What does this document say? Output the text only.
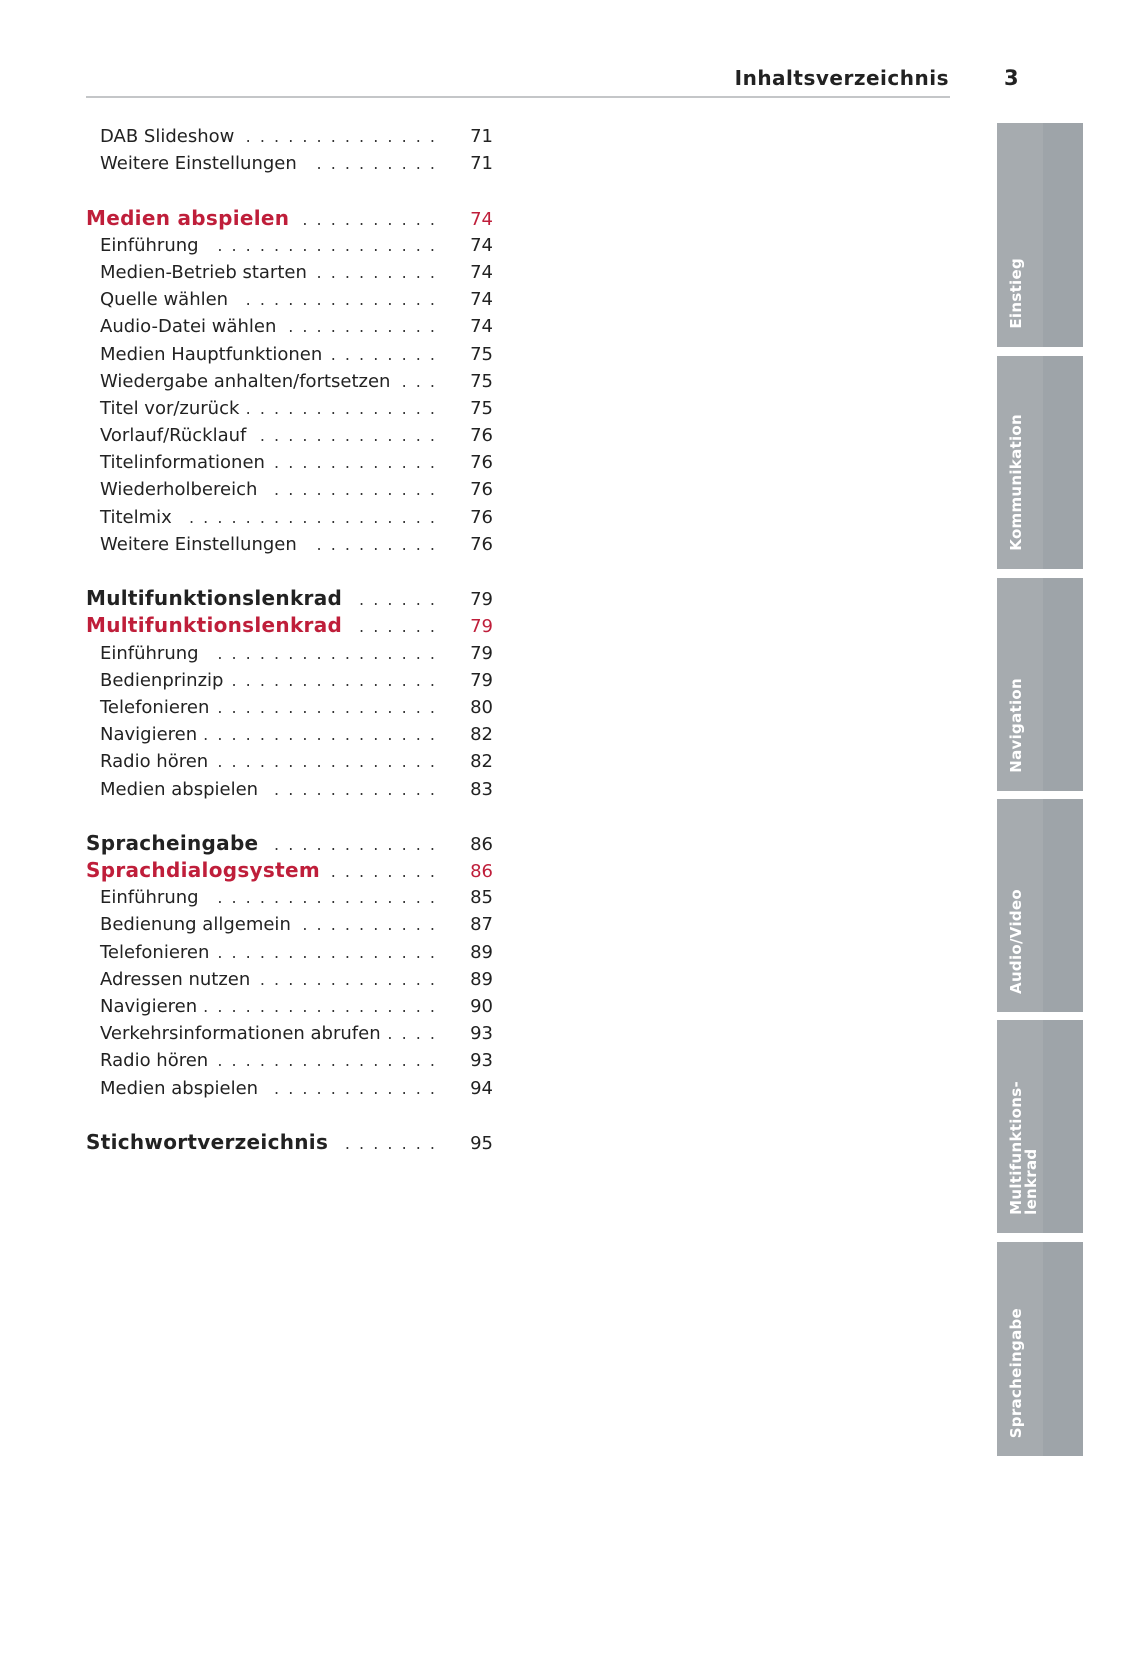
Inhaltsverzeichnis	3
DAB Slideshow . . . . . . . . . . . . . .	71
Weitere Einstellungen	. . . . . . . . .	71
Medien abspielen . . . . . . . . . .	74
Einführung	. . . . . . . . . . . . . . . .	74
Medien-Betrieb starten . . . . . . . . .	74
Quelle wählen	. . . . . . . . . . . . . .	74
Audio-Datei wählen . . . . . . . . . . .	74
Medien Hauptfunktionen . . . . . . . .	75
Wiedergabe anhalten/fortsetzen . . .	75
Titel vor/zurück . . . . . . . . . . . . . .	75
Vorlauf/Rücklauf . . . . . . . . . . . . .	76
Titelinformationen . . . . . . . . . . . .	76
Wiederholbereich	. . . . . . . . . . . .	76
Titelmix	. . . . . . . . . . . . . . . . . .	76
Weitere Einstellungen	. . . . . . . . .	76
Multifunktionslenkrad	. . . . . .	79
Multifunktionslenkrad	. . . . . .	79
Einführung	. . . . . . . . . . . . . . . .	79
Bedienprinzip . . . . . . . . . . . . . . .	79
Telefonieren . . . . . . . . . . . . . . . .	80
Navigieren . . . . . . . . . . . . . . . . .	82
Radio hören . . . . . . . . . . . . . . . .	82
Medien abspielen . . . . . . . . . . . .	83
Spracheingabe . . . . . . . . . . . .	86
Sprachdialogsystem . . . . . . . .	86
Einführung	. . . . . . . . . . . . . . . .	85
Bedienung allgemein . . . . . . . . . .	87
Telefonieren . . . . . . . . . . . . . . . .	89
Adressen nutzen . . . . . . . . . . . . .	89
Navigieren . . . . . . . . . . . . . . . . .	90
Verkehrsinformationen abrufen . . . .	93
Radio hören . . . . . . . . . . . . . . . .	93
Medien abspielen . . . . . . . . . . . .	94
Stichwortverzeichnis	. . . . . . .	95
Einstieg
Kommunikation
Navigation
Audio/Video
Multifunktions-
lenkrad
Spracheingabe
